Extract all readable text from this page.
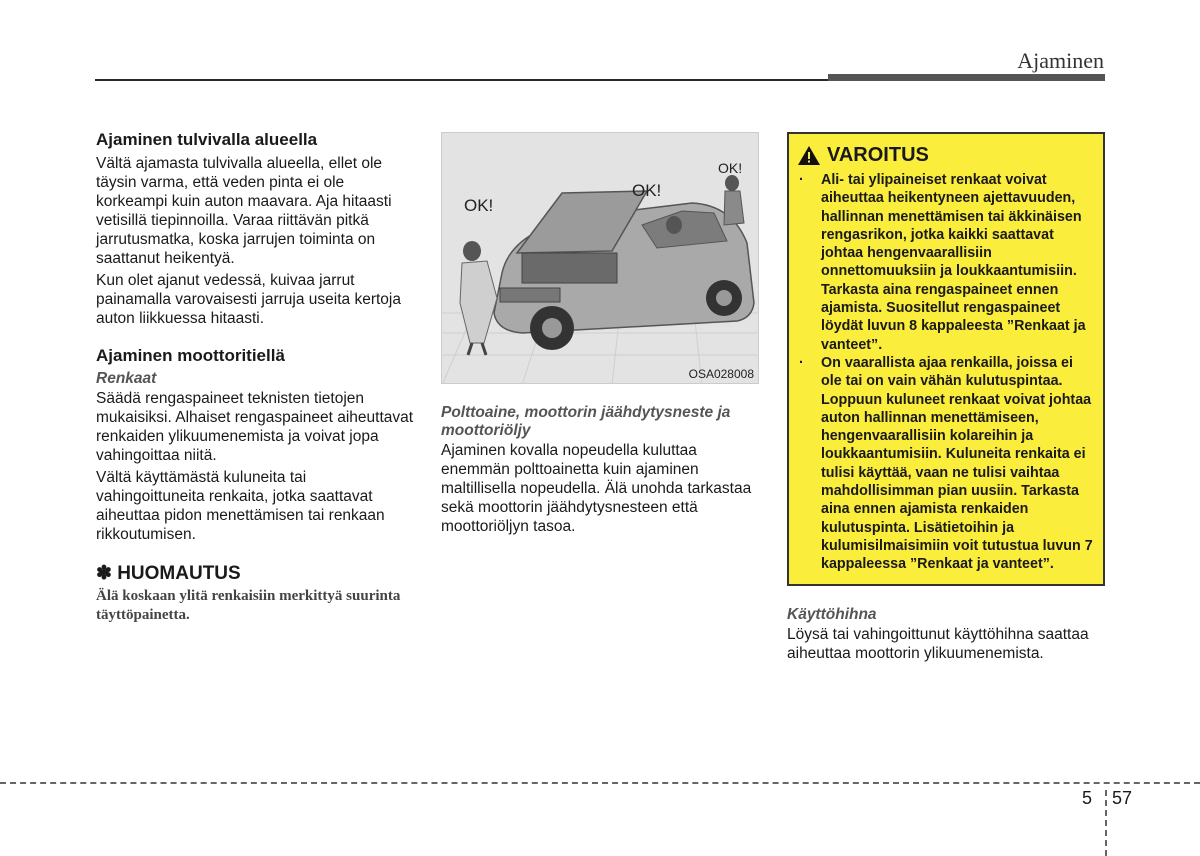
Ajaminen
Ajaminen tulvivalla alueella

Vältä ajamasta tulvivalla alueella, ellet ole täysin varma, että veden pinta ei ole korkeampi kuin auton maavara. Aja hitaasti vetisillä tiepinnoilla. Varaa riittävän pitkä jarrutusmatka, koska jarrujen toiminta on saattanut heikentyä.

Kun olet ajanut vedessä, kuivaa jarrut painamalla varovaisesti jarruja useita kertoja auton liikkuessa hitaasti.

Ajaminen moottoritiellä
Renkaat

Säädä rengaspaineet teknisten tietojen mukaisiksi. Alhaiset rengaspaineet aiheuttavat renkaiden ylikuumenemista ja voivat jopa vahingoittaa niitä.

Vältä käyttämästä kuluneita tai vahingoittuneita renkaita, jotka saattavat aiheuttaa pidon menettämisen tai renkaan rikkoutumisen.

✽ HUOMAUTUS
Älä koskaan ylitä renkaisiin merkittyä suurinta täyttöpainetta.
OK!
OK!
OK!
OSA028008
Polttoaine, moottorin jäähdytysneste ja moottoriöljy

Ajaminen kovalla nopeudella kuluttaa enemmän polttoainetta kuin ajaminen maltillisella nopeudella. Älä unohda tarkastaa sekä moottorin jäähdytysnesteen että moottoriöljyn tasoa.

VAROITUS
·	Ali- tai ylipaineiset renkaat voivat aiheuttaa heikentyneen ajettavuuden, hallinnan menettämisen tai äkkinäisen rengasrikon, jotka kaikki saattavat johtaa hengenvaarallisiin onnettomuuksiin ja loukkaantumisiin. Tarkasta aina rengaspaineet ennen ajamista. Suositellut rengaspaineet löydät luvun 8 kappaleesta ”Renkaat ja vanteet”.
·	On vaarallista ajaa renkailla, joissa ei ole tai on vain vähän kulutuspintaa. Loppuun kuluneet renkaat voivat johtaa auton hallinnan menettämiseen, hengenvaarallisiin kolareihin ja loukkaantumisiin. Kuluneita renkaita ei tulisi käyttää, vaan ne tulisi vaihtaa mahdollisimman pian uusiin. Tarkasta aina ennen ajamista renkaiden kulutuspinta. Lisätietoihin ja kulumisilmaisimiin voit tutustua luvun 7 kappaleessa ”Renkaat ja vanteet”.
Käyttöhihna

Löysä tai vahingoittunut käyttöhihna saattaa aiheuttaa moottorin ylikuumenemista.

5 57
